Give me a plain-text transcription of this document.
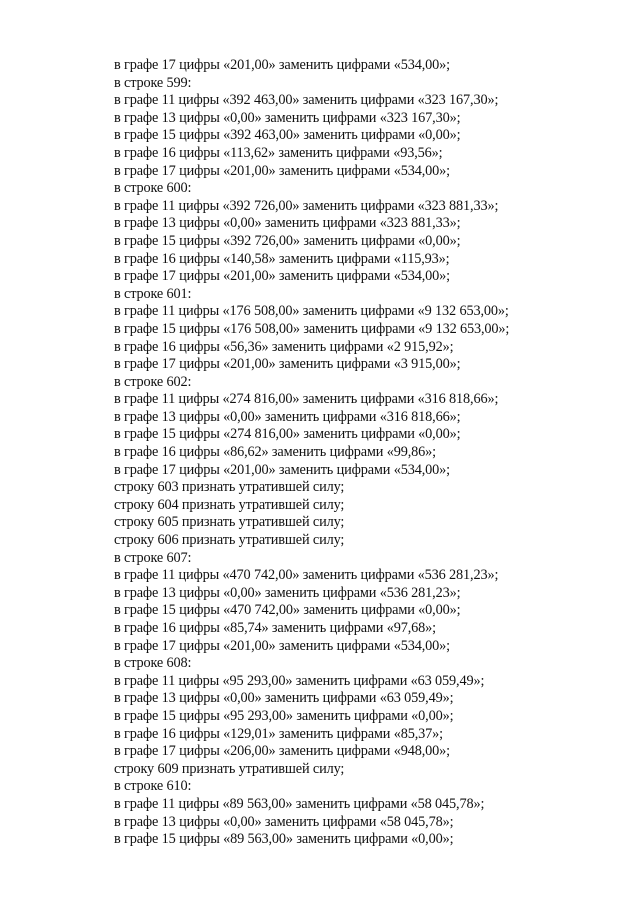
в графе 17 цифры «201,00» заменить цифрами «534,00»;
в строке 599:
в графе 11 цифры «392 463,00» заменить цифрами «323 167,30»;
в графе 13 цифры «0,00» заменить цифрами «323 167,30»;
в графе 15 цифры «392 463,00» заменить цифрами «0,00»;
в графе 16 цифры «113,62» заменить цифрами «93,56»;
в графе 17 цифры «201,00» заменить цифрами «534,00»;
в строке 600:
в графе 11 цифры «392 726,00» заменить цифрами «323 881,33»;
в графе 13 цифры «0,00» заменить цифрами «323 881,33»;
в графе 15 цифры «392 726,00» заменить цифрами «0,00»;
в графе 16 цифры «140,58» заменить цифрами «115,93»;
в графе 17 цифры «201,00» заменить цифрами «534,00»;
в строке 601:
в графе 11 цифры «176 508,00» заменить цифрами «9 132 653,00»;
в графе 15 цифры «176 508,00» заменить цифрами «9 132 653,00»;
в графе 16 цифры «56,36» заменить цифрами «2 915,92»;
в графе 17 цифры «201,00» заменить цифрами «3 915,00»;
в строке 602:
в графе 11 цифры «274 816,00» заменить цифрами «316 818,66»;
в графе 13 цифры «0,00» заменить цифрами «316 818,66»;
в графе 15 цифры «274 816,00» заменить цифрами «0,00»;
в графе 16 цифры «86,62» заменить цифрами «99,86»;
в графе 17 цифры «201,00» заменить цифрами «534,00»;
строку 603 признать утратившей силу;
строку 604 признать утратившей силу;
строку 605 признать утратившей силу;
строку 606 признать утратившей силу;
в строке 607:
в графе 11 цифры «470 742,00» заменить цифрами «536 281,23»;
в графе 13 цифры «0,00» заменить цифрами «536 281,23»;
в графе 15 цифры «470 742,00» заменить цифрами «0,00»;
в графе 16 цифры «85,74» заменить цифрами «97,68»;
в графе 17 цифры «201,00» заменить цифрами «534,00»;
в строке 608:
в графе 11 цифры «95 293,00» заменить цифрами «63 059,49»;
в графе 13 цифры «0,00» заменить цифрами «63 059,49»;
в графе 15 цифры «95 293,00» заменить цифрами «0,00»;
в графе 16 цифры «129,01» заменить цифрами «85,37»;
в графе 17 цифры «206,00» заменить цифрами «948,00»;
строку 609 признать утратившей силу;
в строке 610:
в графе 11 цифры «89 563,00» заменить цифрами «58 045,78»;
в графе 13 цифры «0,00» заменить цифрами «58 045,78»;
в графе 15 цифры «89 563,00» заменить цифрами «0,00»;
